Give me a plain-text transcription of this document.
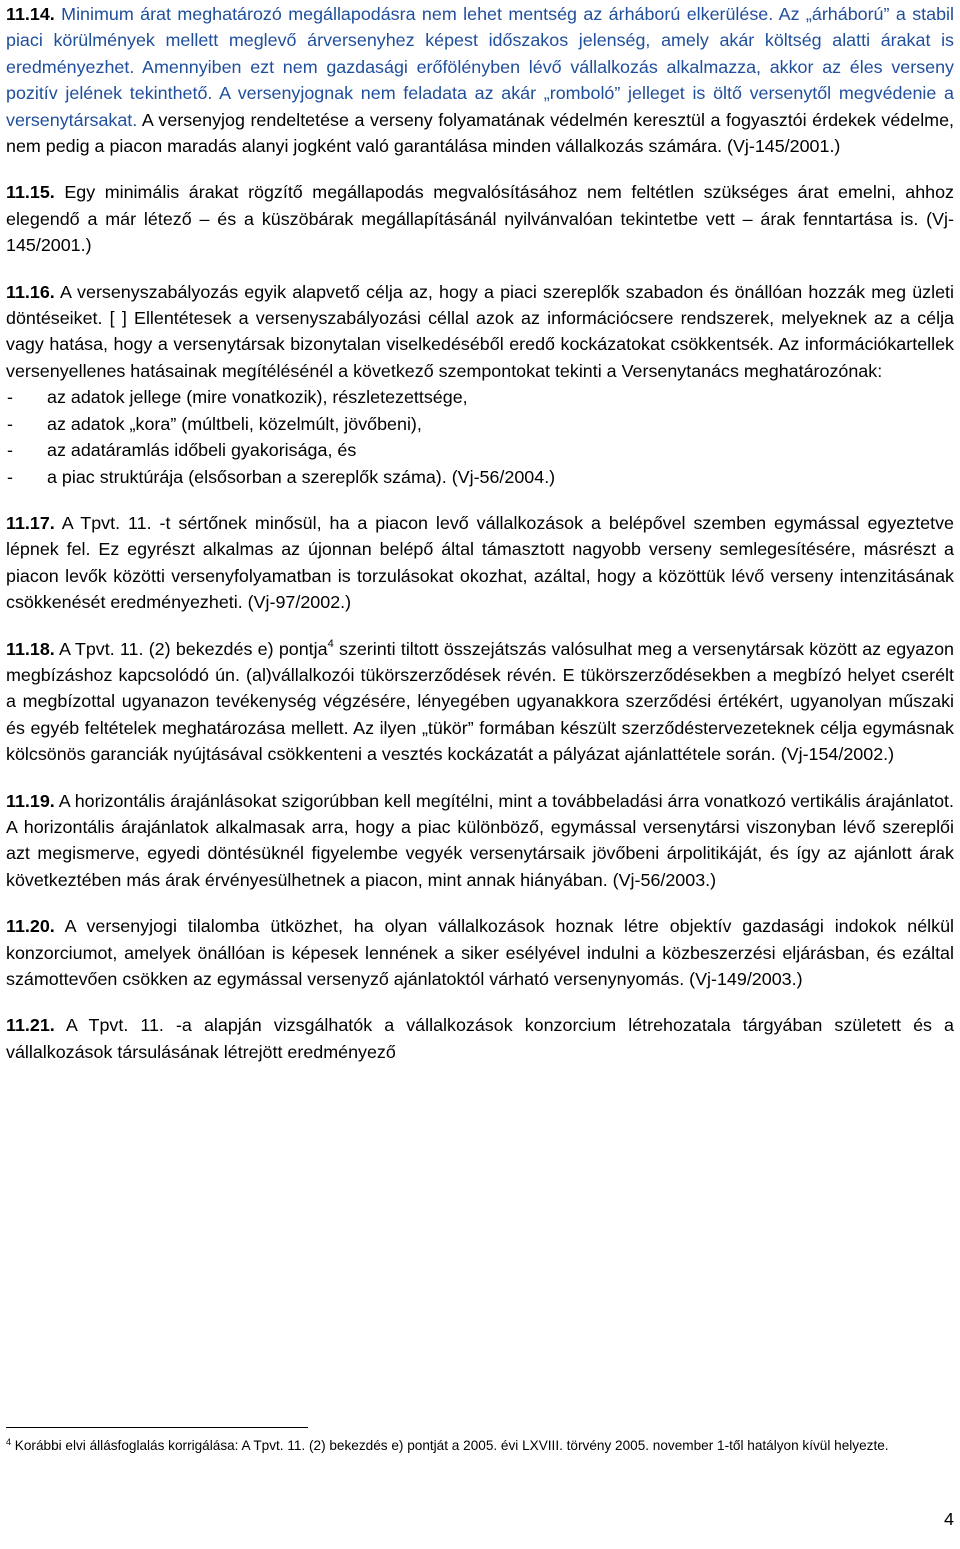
11.14. Minimum árat meghatározó megállapodásra nem lehet mentség az árháború elkerülése. Az „árháború” a stabil piaci körülmények mellett meglevő árversenyhez képest időszakos jelenség, amely akár költség alatti árakat is eredményezhet. Amennyiben ezt nem gazdasági erőfölényben lévő vállalkozás alkalmazza, akkor az éles verseny pozitív jelének tekinthető. A versenyjognak nem feladata az akár „romboló” jelleget is öltő versenytől megvédenie a versenytársakat. A versenyjog rendeltetése a verseny folyamatának védelmén keresztül a fogyasztói érdekek védelme, nem pedig a piacon maradás alanyi jogként való garantálása minden vállalkozás számára. (Vj-145/2001.)

11.15. Egy minimális árakat rögzítő megállapodás megvalósításához nem feltétlen szükséges árat emelni, ahhoz elegendő a már létező – és a küszöbárak megállapításánál nyilvánvalóan tekintetbe vett – árak fenntartása is. (Vj-145/2001.)

11.16. A versenyszabályozás egyik alapvető célja az, hogy a piaci szereplők szabadon és önállóan hozzák meg üzleti döntéseiket. [ ] Ellentétesek a versenyszabályozási céllal azok az információcsere rendszerek, melyeknek az a célja vagy hatása, hogy a versenytársak bizonytalan viselkedéséből eredő kockázatokat csökkentsék. Az információkartellek versenyellenes hatásainak megítélésénél a következő szempontokat tekinti a Versenytanács meghatározónak:

-	az adatok jellege (mire vonatkozik), részletezettsége,
-	az adatok „kora” (múltbeli, közelmúlt, jövőbeni),
-	az adatáramlás időbeli gyakorisága, és
-	a piac struktúrája (elsősorban a szereplők száma). (Vj-56/2004.)

11.17. A Tpvt. 11. -t sértőnek minősül, ha a piacon levő vállalkozások a belépővel szemben egymással egyeztetve lépnek fel. Ez egyrészt alkalmas az újonnan belépő által támasztott nagyobb verseny semlegesítésére, másrészt a piacon levők közötti versenyfolyamatban is torzulásokat okozhat, azáltal, hogy a közöttük lévő verseny intenzitásának csökkenését eredményezheti. (Vj-97/2002.)

11.18. A Tpvt. 11. (2) bekezdés e) pontja$^4$ szerinti tiltott összejátszás valósulhat meg a versenytársak között az egyazon megbízáshoz kapcsolódó ún. (al)vállalkozói tükörszerződések révén. E tükörszerződésekben a megbízó helyet cserélt a megbízottal ugyanazon tevékenység végzésére, lényegében ugyanakkora szerződési értékért, ugyanolyan műszaki és egyéb feltételek meghatározása mellett. Az ilyen „tükör” formában készült szerződéstervezeteknek célja egymásnak kölcsönös garanciák nyújtásával csökkenteni a vesztés kockázatát a pályázat ajánlattétele során. (Vj-154/2002.)

11.19. A horizontális árajánlásokat szigorúbban kell megítélni, mint a továbbeladási árra vonatkozó vertikális árajánlatot. A horizontális árajánlatok alkalmasak arra, hogy a piac különböző, egymással versenytársi viszonyban lévő szereplői azt megismerve, egyedi döntésüknél figyelembe vegyék versenytársaik jövőbeni árpolitikáját, és így az ajánlott árak következtében más árak érvényesülhetnek a piacon, mint annak hiányában. (Vj-56/2003.)

11.20. A versenyjogi tilalomba ütközhet, ha olyan vállalkozások hoznak létre objektív gazdasági indokok nélkül konzorciumot, amelyek önállóan is képesek lennének a siker esélyével indulni a közbeszerzési eljárásban, és ezáltal számottevően csökken az egymással versenyző ajánlatoktól várható versenynyomás. (Vj-149/2003.)

11.21. A Tpvt. 11. -a alapján vizsgálhatók a vállalkozások konzorcium létrehozatala tárgyában született és a vállalkozások társulásának létrejött eredményező

$^4$ Korábbi elvi állásfoglalás korrigálása: A Tpvt. 11. (2) bekezdés e) pontját a 2005. évi LXVIII. törvény 2005. november 1-től hatályon kívül helyezte.
4
